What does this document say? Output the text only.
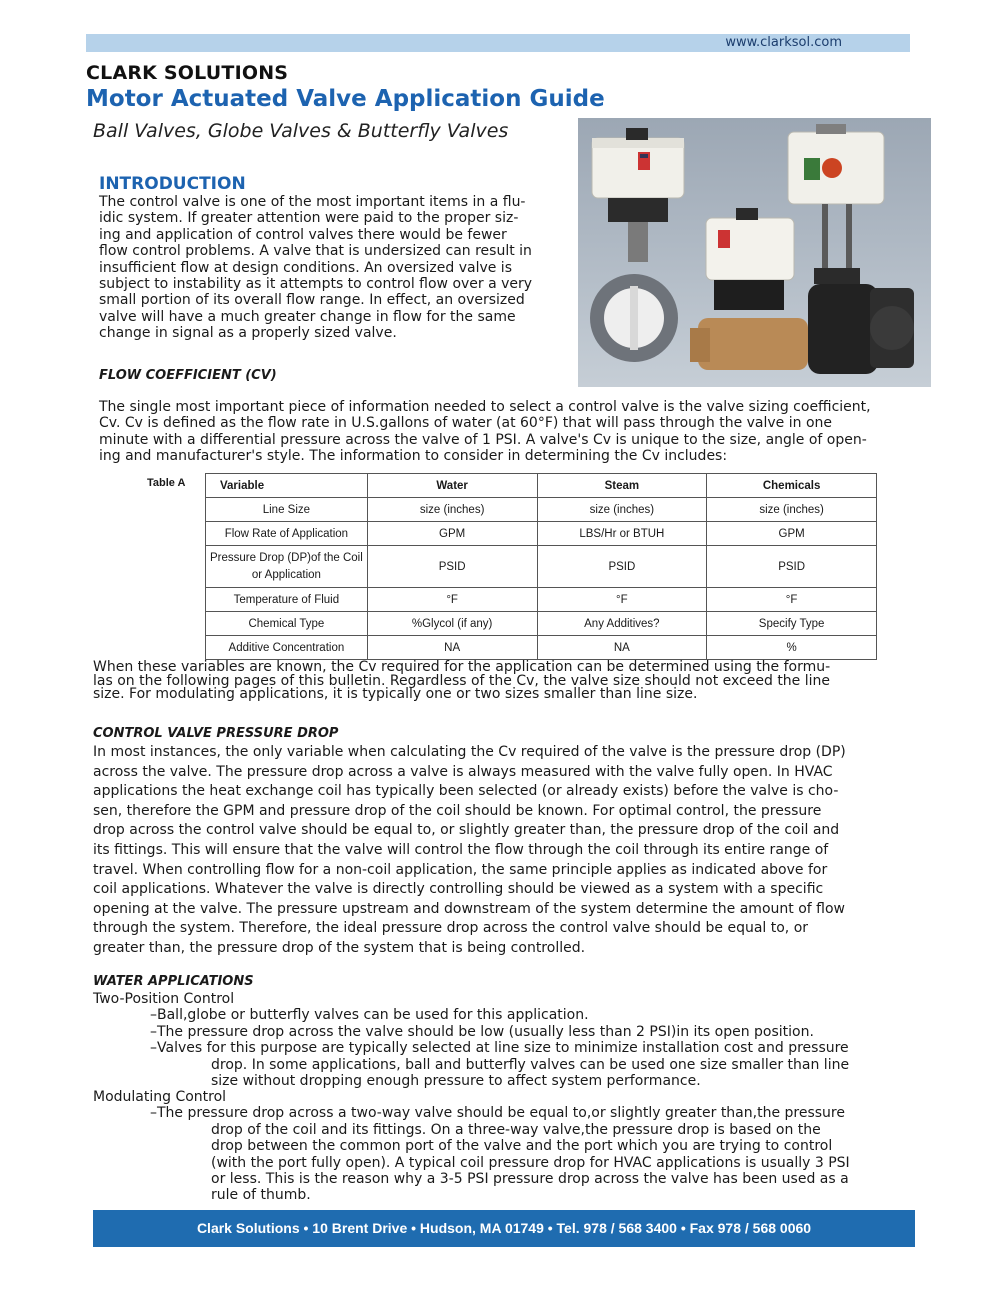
www.clarksol.com
CLARK SOLUTIONS
Motor Actuated Valve Application Guide
Ball Valves, Globe Valves & Butterfly Valves
INTRODUCTION
The control valve is one of the most important items in a flu-
idic system. If greater attention were paid to the proper siz-
ing and application of control valves there would be fewer
flow control problems. A valve that is undersized can result in
insufficient flow at design conditions. An oversized valve is
subject to instability as it attempts to control flow over a very
small portion of its overall flow range. In effect, an oversized
valve will have a much greater change in flow for the same
change in signal as a properly sized valve.
FLOW COEFFICIENT (CV)
The single most important piece of information needed to select a control valve is the valve sizing coefficient,
Cv. Cv is defined as the flow rate in U.S.gallons of water (at 60°F) that will pass through the valve in one
minute with a differential pressure across the valve of 1 PSI. A valve's Cv is unique to the size, angle of open-
ing and manufacturer's style. The information to consider in determining the Cv includes:
Table A	Variable	Water	Steam	Chemicals
Line Size	size (inches)	size (inches)	size (inches)
Flow Rate of Application	GPM	LBS/Hr or BTUH	GPM
Pressure Drop (DP)of the Coil or Application	PSID	PSID	PSID
Temperature of Fluid	°F	°F	°F
Chemical Type	%Glycol (if any)	Any Additives?	Specify Type
Additive Concentration	NA	NA	%
When these variables are known, the Cv required for the application can be determined using the formu-
las on the following pages of this bulletin. Regardless of the Cv, the valve size should not exceed the line
size. For modulating applications, it is typically one or two sizes smaller than line size.
CONTROL VALVE PRESSURE DROP
In most instances, the only variable when calculating the Cv required of the valve is the pressure drop (DP)
across the valve. The pressure drop across a valve is always measured with the valve fully open. In HVAC
applications the heat exchange coil has typically been selected (or already exists) before the valve is cho-
sen, therefore the GPM and pressure drop of the coil should be known. For optimal control, the pressure
drop across the control valve should be equal to, or slightly greater than, the pressure drop of the coil and
its fittings. This will ensure that the valve will control the flow through the coil through its entire range of
travel. When controlling flow for a non-coil application, the same principle applies as indicated above for
coil applications. Whatever the valve is directly controlling should be viewed as a system with a specific
opening at the valve. The pressure upstream and downstream of the system determine the amount of flow
through the system. Therefore, the ideal pressure drop across the control valve should be equal to, or
greater than, the pressure drop of the system that is being controlled.
WATER APPLICATIONS
Two-Position Control
–Ball,globe or butterfly valves can be used for this application.
–The pressure drop across the valve should be low (usually less than 2 PSI)in its open position.
–Valves for this purpose are typically selected at line size to minimize installation cost and pressure
drop. In some applications, ball and butterfly valves can be used one size smaller than line
size without dropping enough pressure to affect system performance.
Modulating Control
–The pressure drop across a two-way valve should be equal to,or slightly greater than,the pressure
drop of the coil and its fittings. On a three-way valve,the pressure drop is based on the
drop between the common port of the valve and the port which you are trying to control
(with the port fully open). A typical coil pressure drop for HVAC applications is usually 3 PSI
or less. This is the reason why a 3-5 PSI pressure drop across the valve has been used as a
rule of thumb.
Clark Solutions • 10 Brent Drive • Hudson, MA 01749 • Tel. 978 / 568 3400 • Fax 978 / 568 0060
